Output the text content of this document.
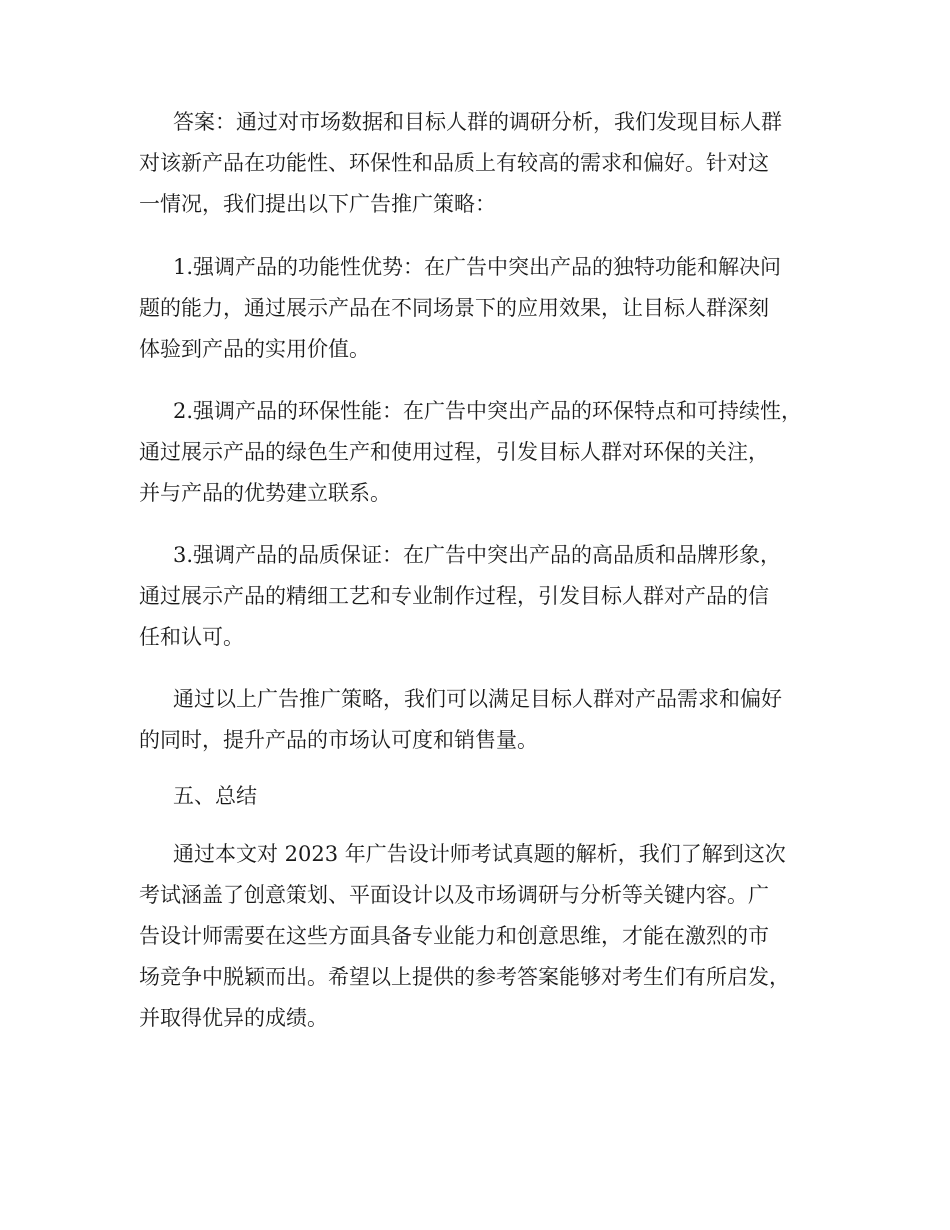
答案：通过对市场数据和目标人群的调研分析，我们发现目标人群
对该新产品在功能性、环保性和品质上有较高的需求和偏好。针对这
一情况，我们提出以下广告推广策略：
1.强调产品的功能性优势：在广告中突出产品的独特功能和解决问
题的能力，通过展示产品在不同场景下的应用效果，让目标人群深刻
体验到产品的实用价值。
2.强调产品的环保性能：在广告中突出产品的环保特点和可持续性，
通过展示产品的绿色生产和使用过程，引发目标人群对环保的关注，
并与产品的优势建立联系。
3.强调产品的品质保证：在广告中突出产品的高品质和品牌形象，
通过展示产品的精细工艺和专业制作过程，引发目标人群对产品的信
任和认可。
通过以上广告推广策略，我们可以满足目标人群对产品需求和偏好
的同时，提升产品的市场认可度和销售量。
五、总结
通过本文对 2023 年广告设计师考试真题的解析，我们了解到这次
考试涵盖了创意策划、平面设计以及市场调研与分析等关键内容。广
告设计师需要在这些方面具备专业能力和创意思维，才能在激烈的市
场竞争中脱颖而出。希望以上提供的参考答案能够对考生们有所启发，
并取得优异的成绩。
